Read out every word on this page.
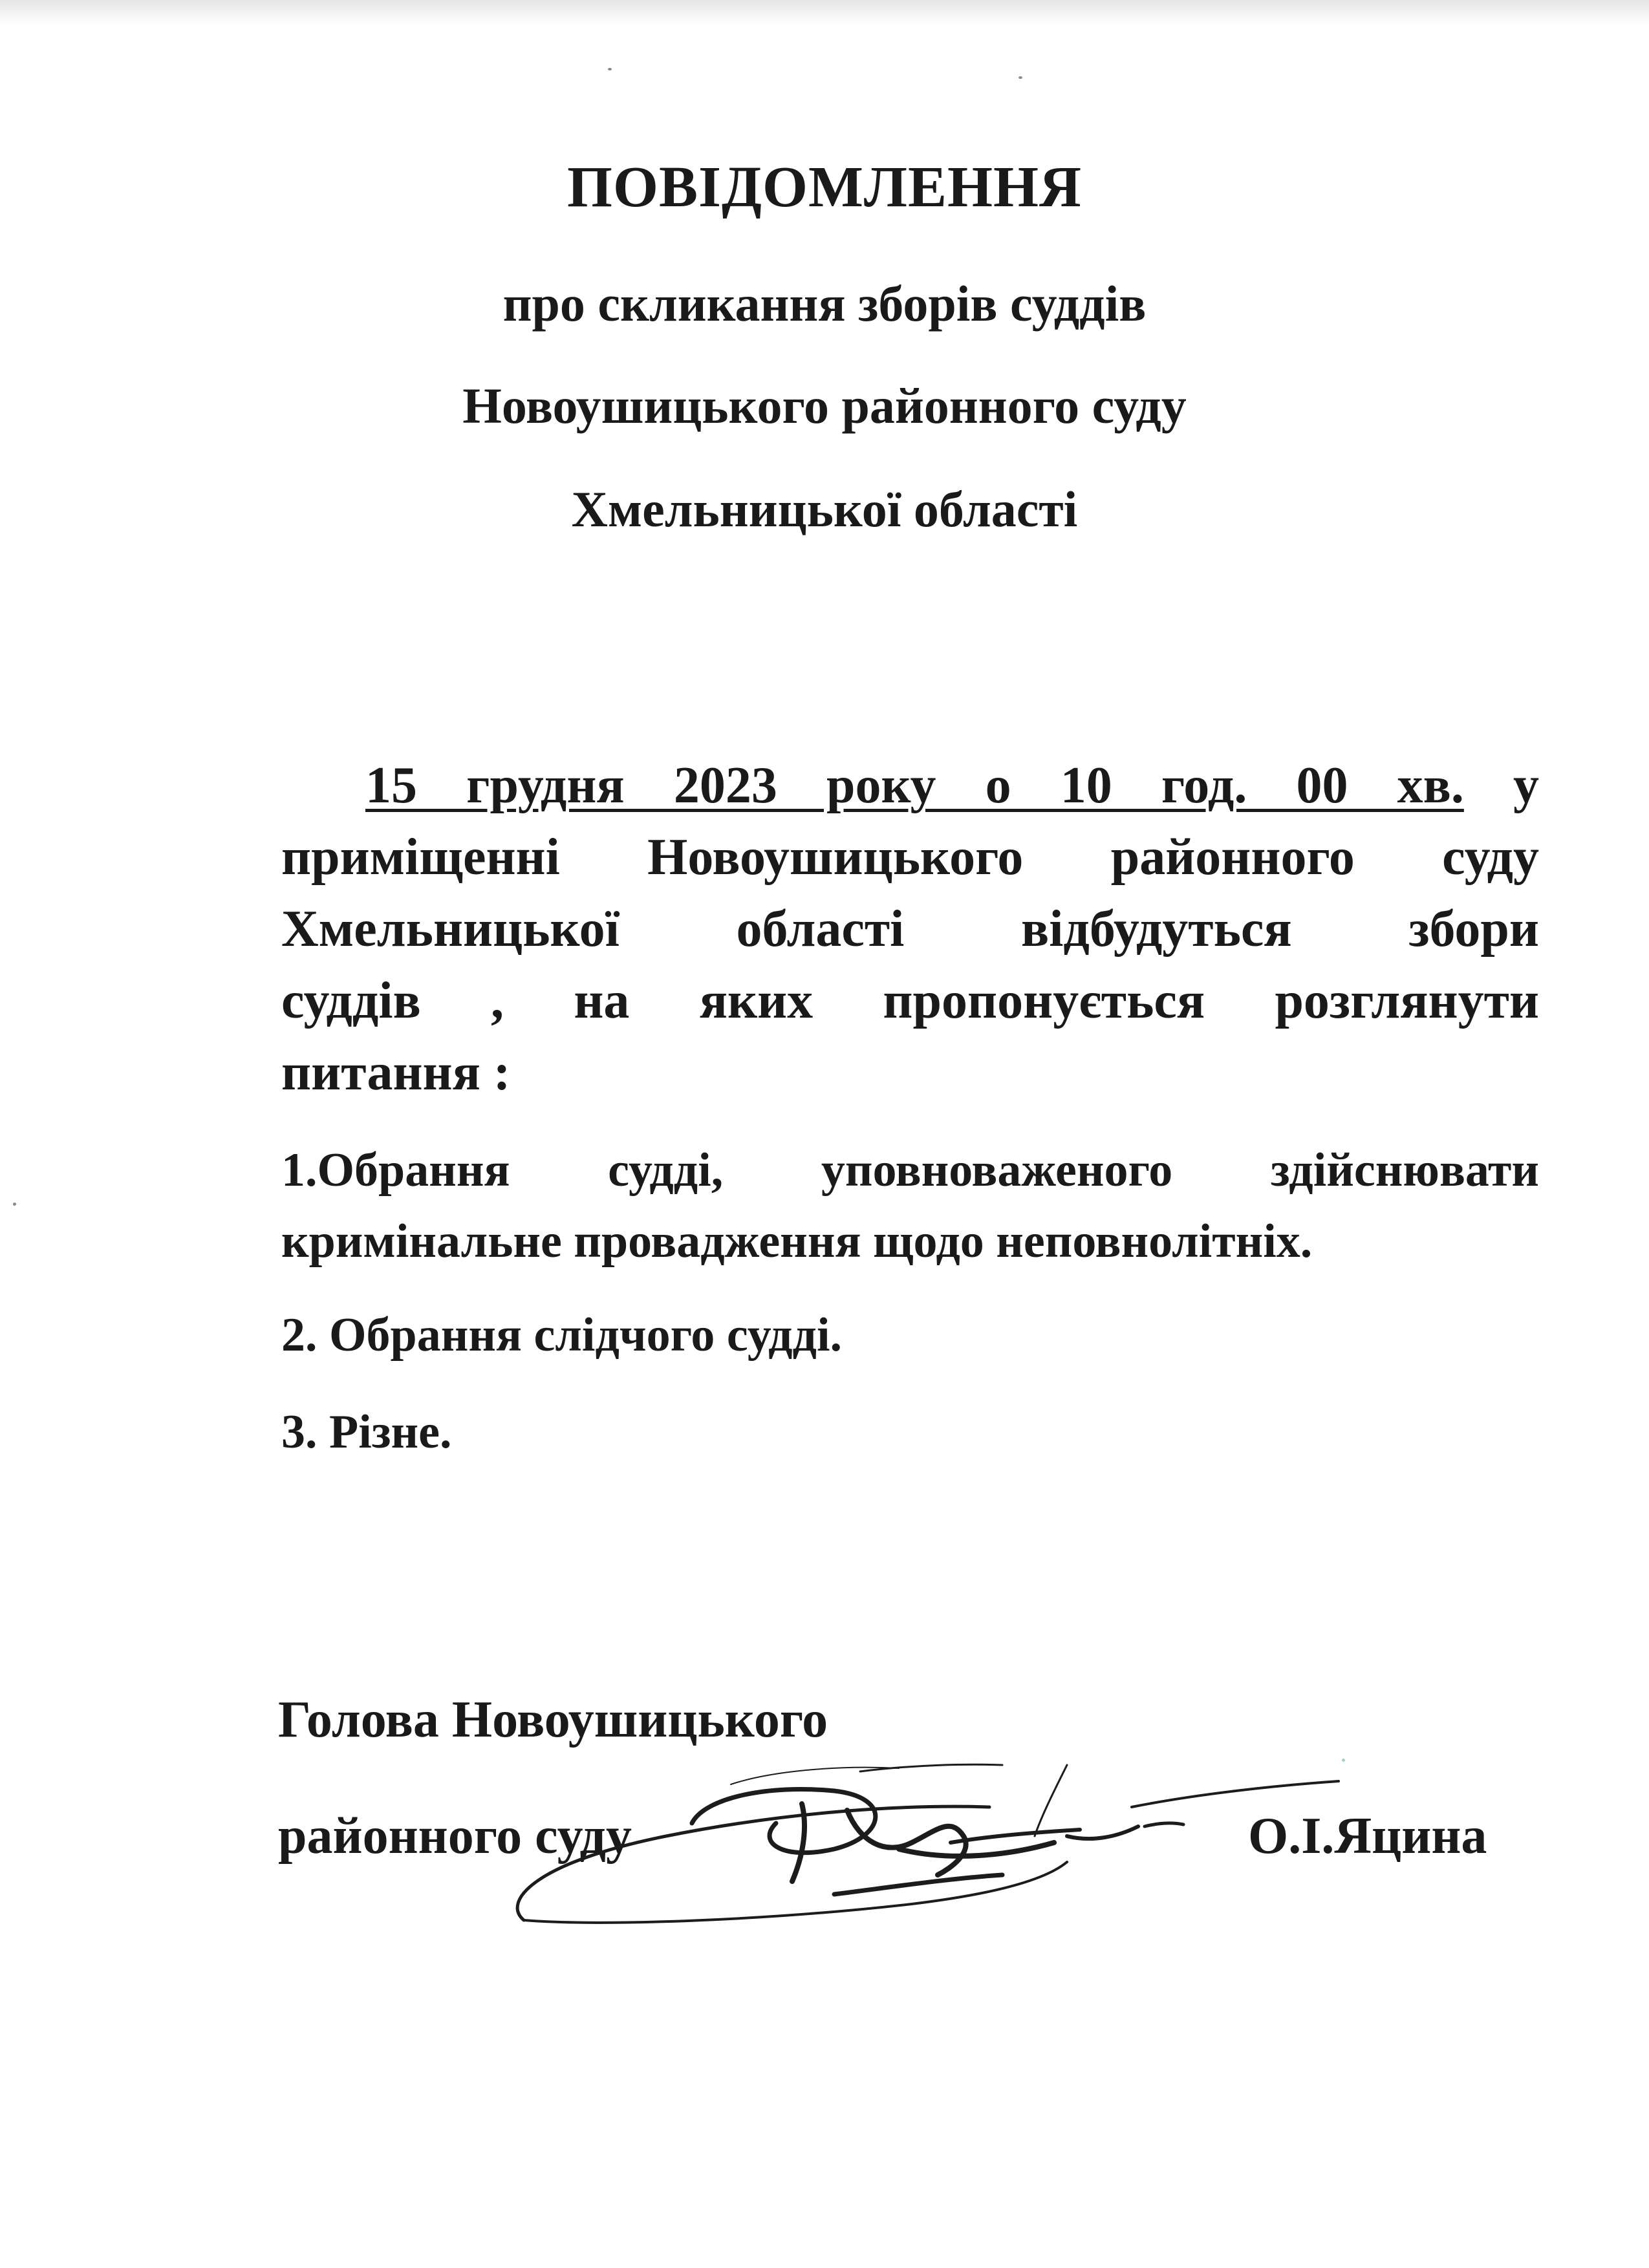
ПОВІДОМЛЕННЯ
про скликання зборів суддів
Новоушицького районного суду
Хмельницької області
15 грудня 2023 року о 10 год. 00 хв. у
приміщенні Новоушицького районного суду
Хмельницької області відбудуться збори
суддів , на яких пропонується розглянути
питання :
1.Обрання судді, уповноваженого здійснювати
кримінальне провадження щодо неповнолітніх.
2. Обрання слідчого судді.
3. Різне.

Голова Новоушицького

районного суду	О.І.Яцина
